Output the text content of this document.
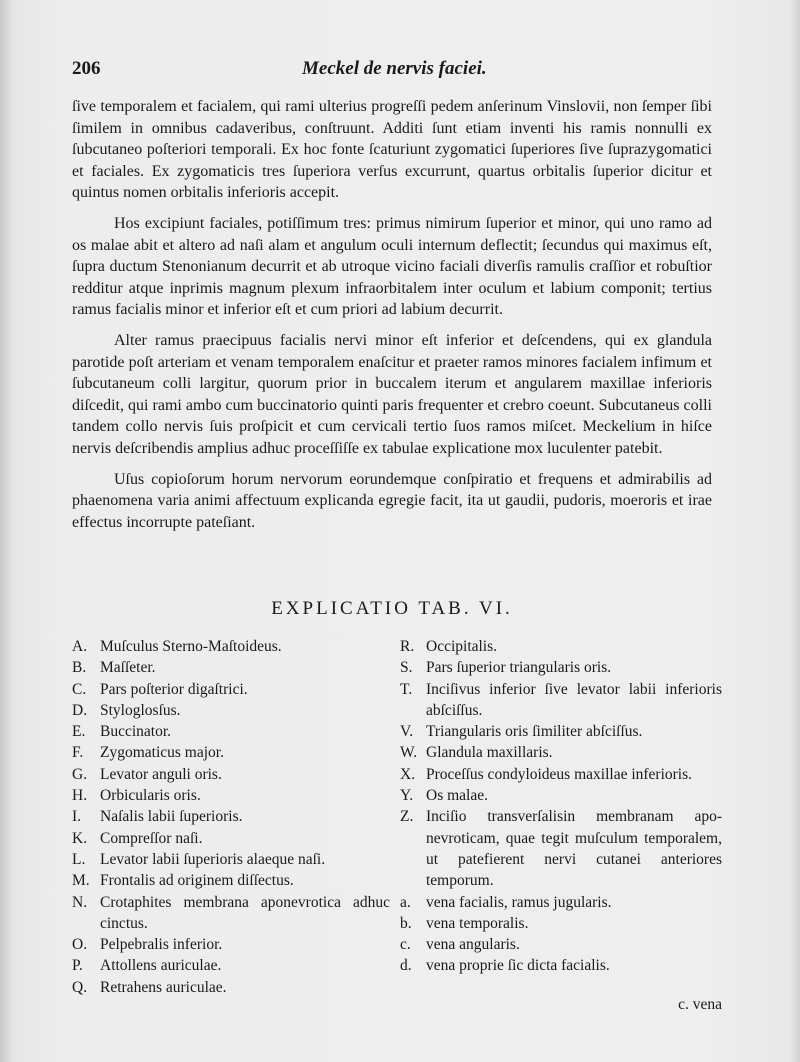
206	Meckel de nervis faciei.

ſive temporalem et facialem, qui rami ulterius progreſſi pedem anſerinum Vinslovii, non ſemper ſibi ſimilem in omnibus cadaveribus, conſtruunt. Additi ſunt etiam inventi his ramis nonnulli ex ſubcutaneo poſteriori temporali. Ex hoc fonte ſcaturiunt zygomatici ſuperiores ſive ſuprazygomatici et faciales. Ex zygomaticis tres ſuperiora verſus excurrunt, quartus orbitalis ſuperior dicitur et quintus nomen orbitalis inferioris accepit.

Hos excipiunt faciales, potiſſimum tres: primus nimirum ſuperior et minor, qui uno ramo ad os malae abit et altero ad naſi alam et angulum oculi internum deflectit; ſecundus qui maximus eſt, ſupra ductum Stenonianum decurrit et ab utroque vicino faciali diverſis ramulis craſſior et robuſtior redditur atque inprimis magnum plexum infraorbitalem inter oculum et labium componit; tertius ramus facialis minor et inferior eſt et cum priori ad labium decurrit.

Alter ramus praecipuus facialis nervi minor eſt inferior et deſcendens, qui ex glandula parotide poſt arteriam et venam temporalem enaſcitur et praeter ramos minores facialem infimum et ſubcutaneum colli largitur, quorum prior in buccalem iterum et angularem maxillae inferioris diſcedit, qui rami ambo cum buccinatorio quinti paris frequenter et crebro coeunt. Subcutaneus colli tandem collo nervis ſuis proſpicit et cum cervicali tertio ſuos ramos miſcet. Meckelium in hiſce nervis deſcribendis amplius adhuc proceſſiſſe ex tabulae explicatione mox luculenter patebit.

Uſus copioſorum horum nervorum eorundemque conſpiratio et frequens et admirabilis ad phaenomena varia animi affectuum explicanda egregie facit, ita ut gaudii, pudoris, moeroris et irae effectus incorrupte pateſiant.

EXPLICATIO TAB. VI.
A. Muſculus Sterno-Maſtoideus.
B. Maſſeter.
C. Pars poſterior digaſtrici.
D. Styloglosſus.
E. Buccinator.
F.	Zygomaticus major.
G. Levator anguli oris.
H. Orbicularis oris.
I.	Naſalis labii ſuperioris.
K. Compreſſor naſi.
L. Levator labii ſuperioris alaeque naſi.
M. Frontalis ad originem diſſectus.
N. Crotaphites membrana aponevrotica adhuc cinctus.
O. Pelpebralis inferior.
P.	Attollens auriculae.
Q. Retrahens auriculae.
R. Occipitalis.
S. Pars ſuperior triangularis oris.
T. Inciſivus inferior ſive levator labii inferioris abſciſſus.
V. Triangularis oris ſimiliter abſciſſus.
W. Glandula maxillaris.
X. Proceſſus condyloideus maxillae inferioris.
Y. Os malae.
Z. Inciſio transverſalisin membranam aponevroticam, quae tegit muſculum temporalem, ut patefierent nervi cutanei anteriores temporum.
a. vena facialis, ramus jugularis.
b. vena temporalis.
c. vena angularis.
d. vena proprie ſic dicta facialis.
c. vena
